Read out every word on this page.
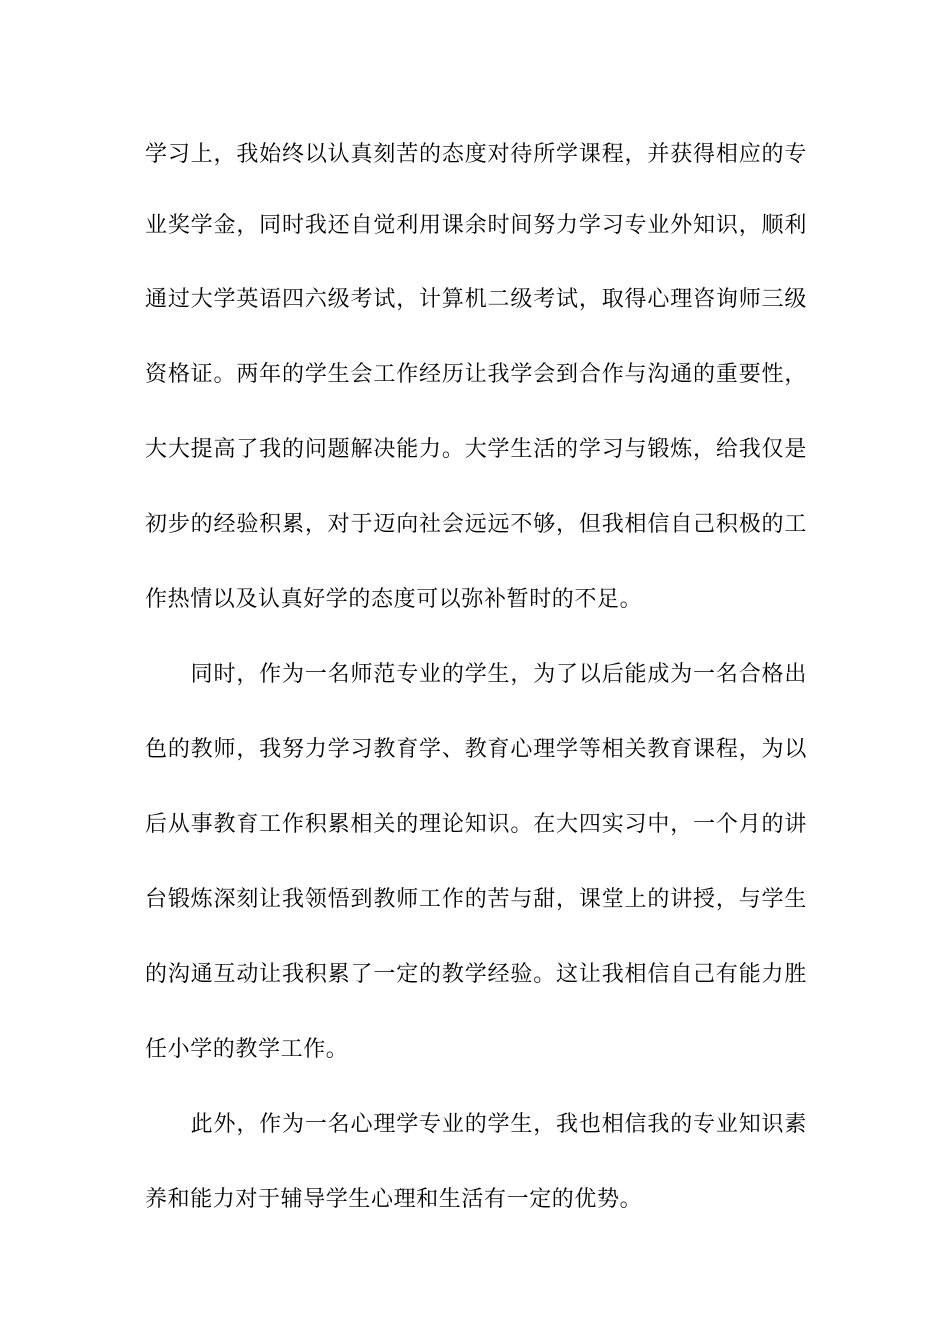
学习上，我始终以认真刻苦的态度对待所学课程，并获得相应的专
业奖学金，同时我还自觉利用课余时间努力学习专业外知识，顺利
通过大学英语四六级考试，计算机二级考试，取得心理咨询师三级
资格证。两年的学生会工作经历让我学会到合作与沟通的重要性，
大大提高了我的问题解决能力。大学生活的学习与锻炼，给我仅是
初步的经验积累，对于迈向社会远远不够，但我相信自己积极的工
作热情以及认真好学的态度可以弥补暂时的不足。
　　同时，作为一名师范专业的学生，为了以后能成为一名合格出
色的教师，我努力学习教育学、教育心理学等相关教育课程，为以
后从事教育工作积累相关的理论知识。在大四实习中，一个月的讲
台锻炼深刻让我领悟到教师工作的苦与甜，课堂上的讲授，与学生
的沟通互动让我积累了一定的教学经验。这让我相信自己有能力胜
任小学的教学工作。
　　此外，作为一名心理学专业的学生，我也相信我的专业知识素
养和能力对于辅导学生心理和生活有一定的优势。
